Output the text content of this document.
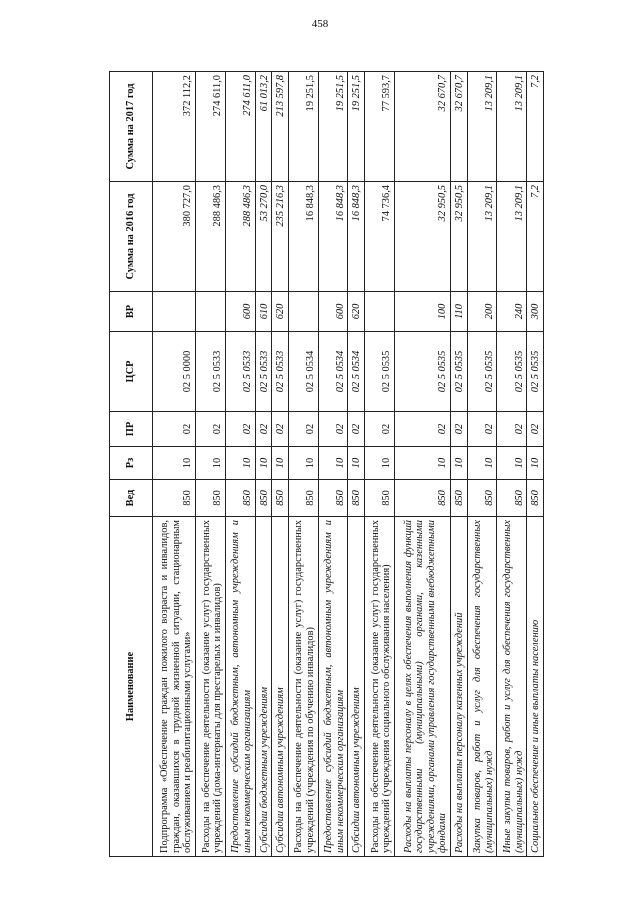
458
Наименование	Вед	Рз	ПР	ЦСР	ВР	Сумма на 2016 год	Сумма на 2017 год
Подпрограмма «Обеспечение граждан пожилого возраста и инвалидов, граждан, оказавшихся в трудной жизненной ситуации, стационарным обслуживанием и реабилитационными услугами»	850	10	02	02 5 0000		380 727,0	372 112,2
Расходы на обеспечение деятельности (оказание услуг) государственных учреждений (дома-интернаты для престарелых и инвалидов)	850	10	02	02 5 0533		288 486,3	274 611,0
Предоставление субсидий бюджетным, автономным учреждениям и иным некоммерческим организациям	850	10	02	02 5 0533	600	288 486,3	274 611,0
Субсидии бюджетным учреждениям	850	10	02	02 5 0533	610	53 270,0	61 013,2
Субсидии автономным учреждениям	850	10	02	02 5 0533	620	235 216,3	213 597,8
Расходы на обеспечение деятельности (оказание услуг) государственных учреждений (учреждения по обучению инвалидов)	850	10	02	02 5 0534		16 848,3	19 251,5
Предоставление субсидий бюджетным, автономным учреждениям и иным некоммерческим организациям	850	10	02	02 5 0534	600	16 848,3	19 251,5
Субсидии автономным учреждениям	850	10	02	02 5 0534	620	16 848,3	19 251,5
Расходы на обеспечение деятельности (оказание услуг) государственных учреждений (учреждения социального обслуживания населения)	850	10	02	02 5 0535		74 736,4	77 593,7
Расходы на выплаты персоналу в целях обеспечения выполнения функций государственными (муниципальными) органами, казенными учреждениями, органами управления государственными внебюджетными фондами	850	10	02	02 5 0535	100	32 950,5	32 670,7
Расходы на выплаты персоналу казенных учреждений	850	10	02	02 5 0535	110	32 950,5	32 670,7
Закупка товаров, работ и услуг для обеспечения государственных (муниципальных) нужд	850	10	02	02 5 0535	200	13 209,1	13 209,1
Иные закупки товаров, работ и услуг для обеспечения государственных (муниципальных) нужд	850	10	02	02 5 0535	240	13 209,1	13 209,1
Социальное обеспечение и иные выплаты населению	850	10	02	02 5 0535	300	7,2	7,2
